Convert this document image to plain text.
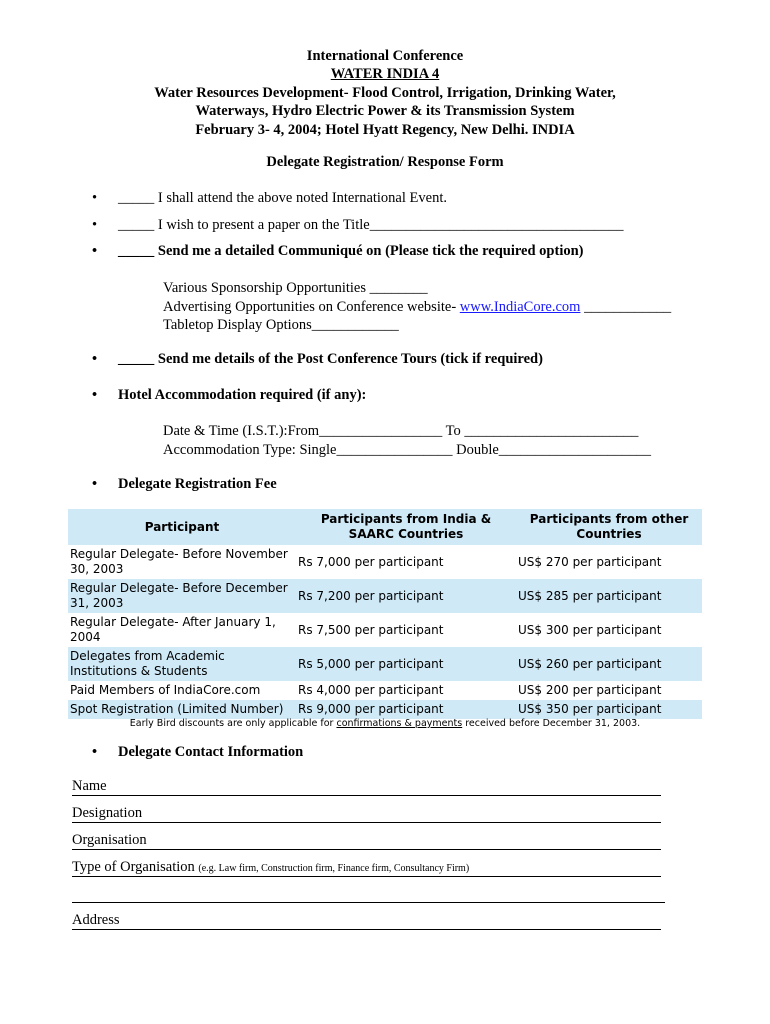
International Conference
WATER INDIA 4
Water Resources Development- Flood Control, Irrigation, Drinking Water,
Waterways, Hydro Electric Power & its Transmission System
February 3- 4, 2004; Hotel Hyatt Regency, New Delhi. INDIA
Delegate Registration/ Response Form
• _____ I shall attend the above noted International Event.
• _____ I wish to present a paper on the Title___________________________________
• _____ Send me a detailed Communiqué on (Please tick the required option)
Various Sponsorship Opportunities ________
Advertising Opportunities on Conference website- www.IndiaCore.com ____________
Tabletop Display Options____________
• _____ Send me details of the Post Conference Tours (tick if required)
• Hotel Accommodation required (if any):
Date & Time (I.S.T.):From_________________ To ________________________
Accommodation Type: Single________________ Double_____________________
• Delegate Registration Fee
Participant	Participants from India & SAARC Countries	Participants from other Countries
Regular Delegate- Before November 30, 2003	Rs 7,000 per participant	US$ 270 per participant
Regular Delegate- Before December 31, 2003	Rs 7,200 per participant	US$ 285 per participant
Regular Delegate- After January 1, 2004	Rs 7,500 per participant	US$ 300 per participant
Delegates from Academic Institutions & Students	Rs 5,000 per participant	US$ 260 per participant
Paid Members of IndiaCore.com	Rs 4,000 per participant	US$ 200 per participant
Spot Registration (Limited Number)	Rs 9,000 per participant	US$ 350 per participant
Early Bird discounts are only applicable for confirmations & payments received before December 31, 2003.
• Delegate Contact Information
Name
Designation
Organisation
Type of Organisation (e.g. Law firm, Construction firm, Finance firm, Consultancy Firm)
Address
